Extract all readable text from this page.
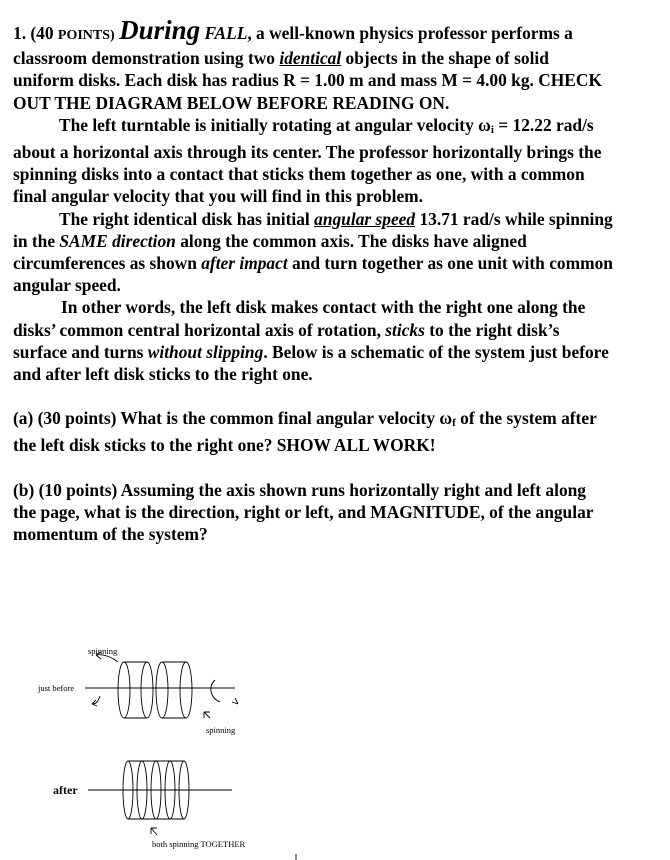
1. (40 POINTS) During FALL, a well-known physics professor performs a classroom demonstration using two identical objects in the shape of solid uniform disks. Each disk has radius R = 1.00 m and mass M = 4.00 kg. CHECK OUT THE DIAGRAM BELOW BEFORE READING ON.

The left turntable is initially rotating at angular velocity ωi = 12.22 rad/s about a horizontal axis through its center. The professor horizontally brings the spinning disks into a contact that sticks them together as one, with a common final angular velocity that you will find in this problem.

The right identical disk has initial angular speed 13.71 rad/s while spinning in the SAME direction along the common axis. The disks have aligned circumferences as shown after impact and turn together as one unit with common angular speed.

In other words, the left disk makes contact with the right one along the disks’ common central horizontal axis of rotation, sticks to the right disk’s surface and turns without slipping. Below is a schematic of the system just before and after left disk sticks to the right one.

(a) (30 points) What is the common final angular velocity ωf of the system after the left disk sticks to the right one? SHOW ALL WORK!

(b) (10 points) Assuming the axis shown runs horizontally right and left along the page, what is the direction, right or left, and MAGNITUDE, of the angular momentum of the system?

spinning
just before
spinning
after
both spinning TOGETHER
